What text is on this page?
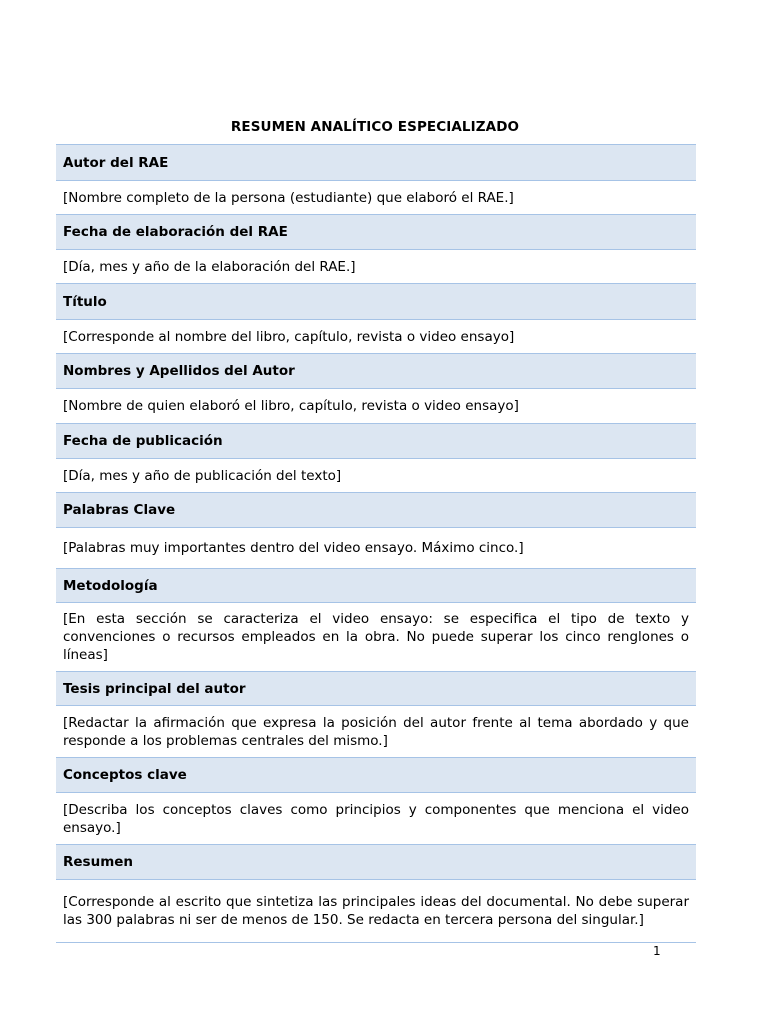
RESUMEN ANALÍTICO ESPECIALIZADO
Autor del RAE
[Nombre completo de la persona (estudiante) que elaboró el RAE.]
Fecha de elaboración del RAE
[Día, mes y año de la elaboración del RAE.]
Título
[Corresponde al nombre del libro, capítulo, revista o video ensayo]
Nombres y Apellidos del Autor
[Nombre de quien elaboró el libro, capítulo, revista o video ensayo]
Fecha de publicación
[Día, mes y año de publicación del texto]
Palabras Clave
[Palabras muy importantes dentro del video ensayo. Máximo cinco.]
Metodología
[En esta sección se caracteriza el video ensayo: se especifica el tipo de texto y convenciones o recursos empleados en la obra. No puede superar los cinco renglones o líneas]
Tesis principal del autor
[Redactar la afirmación que expresa la posición del autor frente al tema abordado y que responde a los problemas centrales del mismo.]
Conceptos clave
[Describa los conceptos claves como principios y componentes que menciona el video ensayo.]
Resumen
[Corresponde al escrito que sintetiza las principales ideas del documental. No debe superar las 300 palabras ni ser de menos de 150. Se redacta en tercera persona del singular.]
1
